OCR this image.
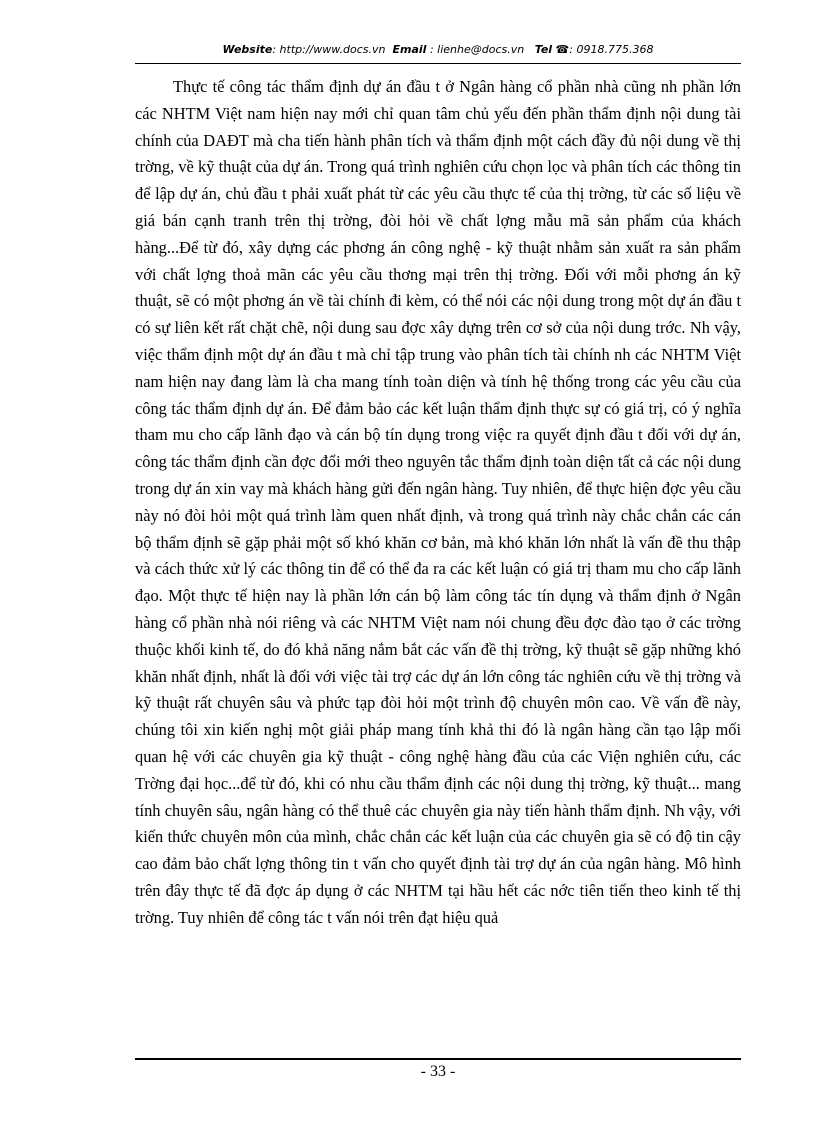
Website: http://www.docs.vn Email : lienhe@docs.vn Tel ☎: 0918.775.368

Thực tế công tác thẩm định dự án đầu t ở Ngân hàng cổ phần nhà cũng nh phần lớn các NHTM Việt nam hiện nay mới chỉ quan tâm chủ yếu đến phần thẩm định nội dung tài chính của DAĐT mà cha tiến hành phân tích và thẩm định một cách đầy đủ nội dung về thị trờng, về kỹ thuật của dự án. Trong quá trình nghiên cứu chọn lọc và phân tích các thông tin để lập dự án, chủ đầu t phải xuất phát từ các yêu cầu thực tế của thị trờng, từ các số liệu về giá bán cạnh tranh trên thị trờng, đòi hỏi về chất lợng mẫu mã sản phẩm của khách hàng...Để từ đó, xây dựng các phơng án công nghệ - kỹ thuật nhằm sản xuất ra sản phẩm với chất lợng thoả mãn các yêu cầu thơng mại trên thị trờng. Đối với mỗi phơng án kỹ thuật, sẽ có một phơng án về tài chính đi kèm, có thể nói các nội dung trong một dự án đầu t có sự liên kết rất chặt chẽ, nội dung sau đợc xây dựng trên cơ sở của nội dung trớc. Nh vậy, việc thẩm định một dự án đầu t mà chỉ tập trung vào phân tích tài chính nh các NHTM Việt nam hiện nay đang làm là cha mang tính toàn diện và tính hệ thống trong các yêu cầu của công tác thẩm định dự án. Để đảm bảo các kết luận thẩm định thực sự có giá trị, có ý nghĩa tham mu cho cấp lãnh đạo và cán bộ tín dụng trong việc ra quyết định đầu t đối với dự án, công tác thẩm định cần đợc đổi mới theo nguyên tắc thẩm định toàn diện tất cả các nội dung trong dự án xin vay mà khách hàng gửi đến ngân hàng. Tuy nhiên, để thực hiện đợc yêu cầu này nó đòi hỏi một quá trình làm quen nhất định, và trong quá trình này chắc chắn các cán bộ thẩm định sẽ gặp phải một số khó khăn cơ bản, mà khó khăn lớn nhất là vấn đề thu thập và cách thức xử lý các thông tin để có thể đa ra các kết luận có giá trị tham mu cho cấp lãnh đạo. Một thực tế hiện nay là phần lớn cán bộ làm công tác tín dụng và thẩm định ở Ngân hàng cổ phần nhà nói riêng và các NHTM Việt nam nói chung đều đợc đào tạo ở các trờng thuộc khối kinh tế, do đó khả năng nắm bắt các vấn đề thị trờng, kỹ thuật sẽ gặp những khó khăn nhất định, nhất là đối với việc tài trợ các dự án lớn công tác nghiên cứu về thị trờng và kỹ thuật rất chuyên sâu và phức tạp đòi hỏi một trình độ chuyên môn cao. Về vấn đề này, chúng tôi xin kiến nghị một giải pháp mang tính khả thi đó là ngân hàng cần tạo lập mối quan hệ với các chuyên gia kỹ thuật - công nghệ hàng đầu của các Viện nghiên cứu, các Trờng đại học...để từ đó, khi có nhu cầu thẩm định các nội dung thị trờng, kỹ thuật... mang tính chuyên sâu, ngân hàng có thể thuê các chuyên gia này tiến hành thẩm định. Nh vậy, với kiến thức chuyên môn của mình, chắc chắn các kết luận của các chuyên gia sẽ có độ tin cậy cao đảm bảo chất lợng thông tin t vấn cho quyết định tài trợ dự án của ngân hàng. Mô hình trên đây thực tế đã đợc áp dụng ở các NHTM tại hầu hết các nớc tiên tiến theo kinh tế thị trờng. Tuy nhiên để công tác t vấn nói trên đạt hiệu quả

- 33 -
